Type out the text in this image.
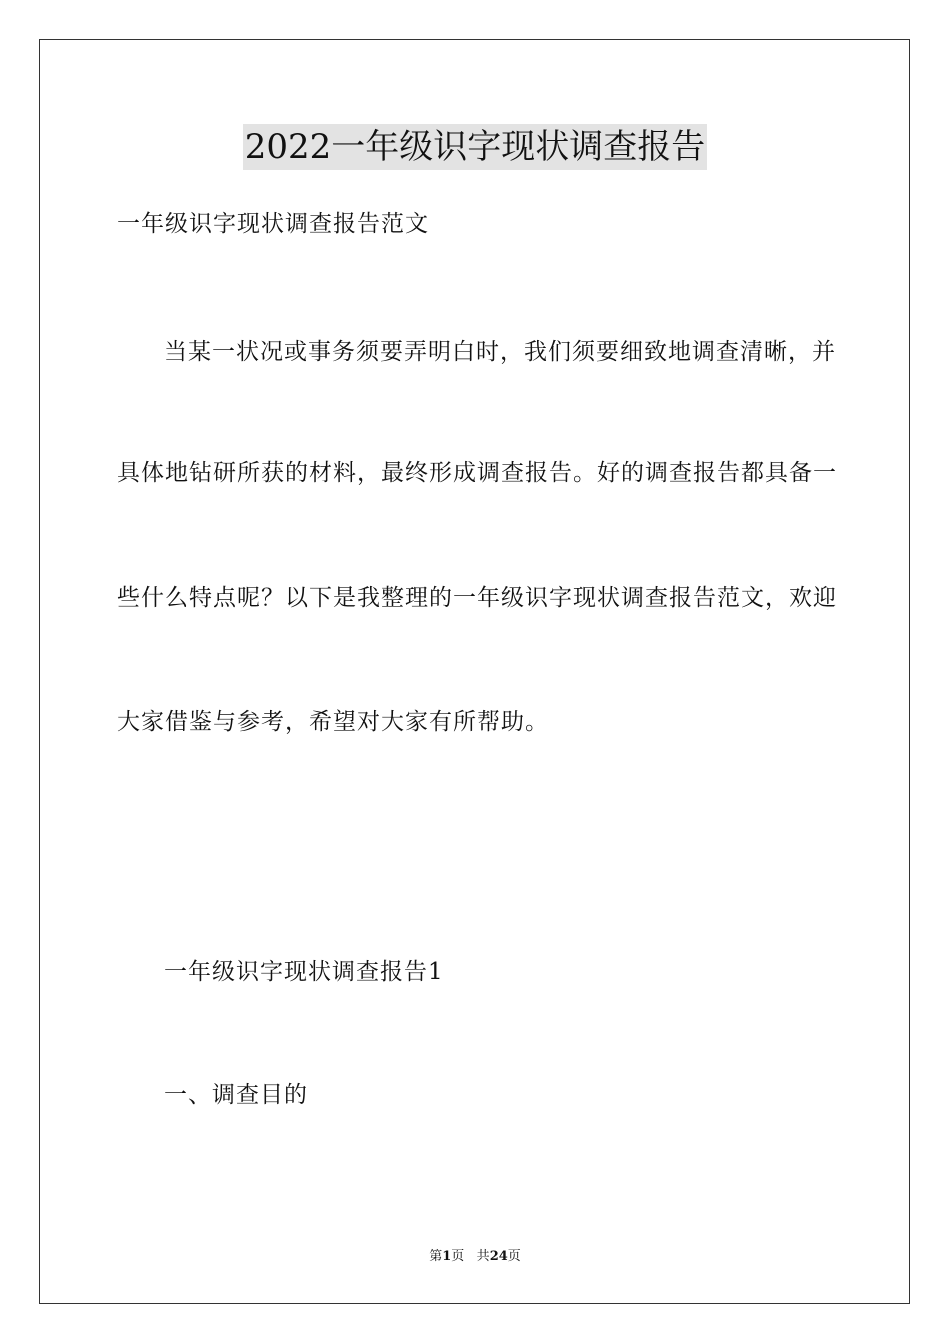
2022一年级识字现状调查报告
一年级识字现状调查报告范文
当某一状况或事务须要弄明白时，我们须要细致地调查清晰，并
具体地钻研所获的材料，最终形成调查报告。好的调查报告都具备一
些什么特点呢？以下是我整理的一年级识字现状调查报告范文，欢迎
大家借鉴与参考，希望对大家有所帮助。
一年级识字现状调查报告1
一、调查目的
第1页 共24页
